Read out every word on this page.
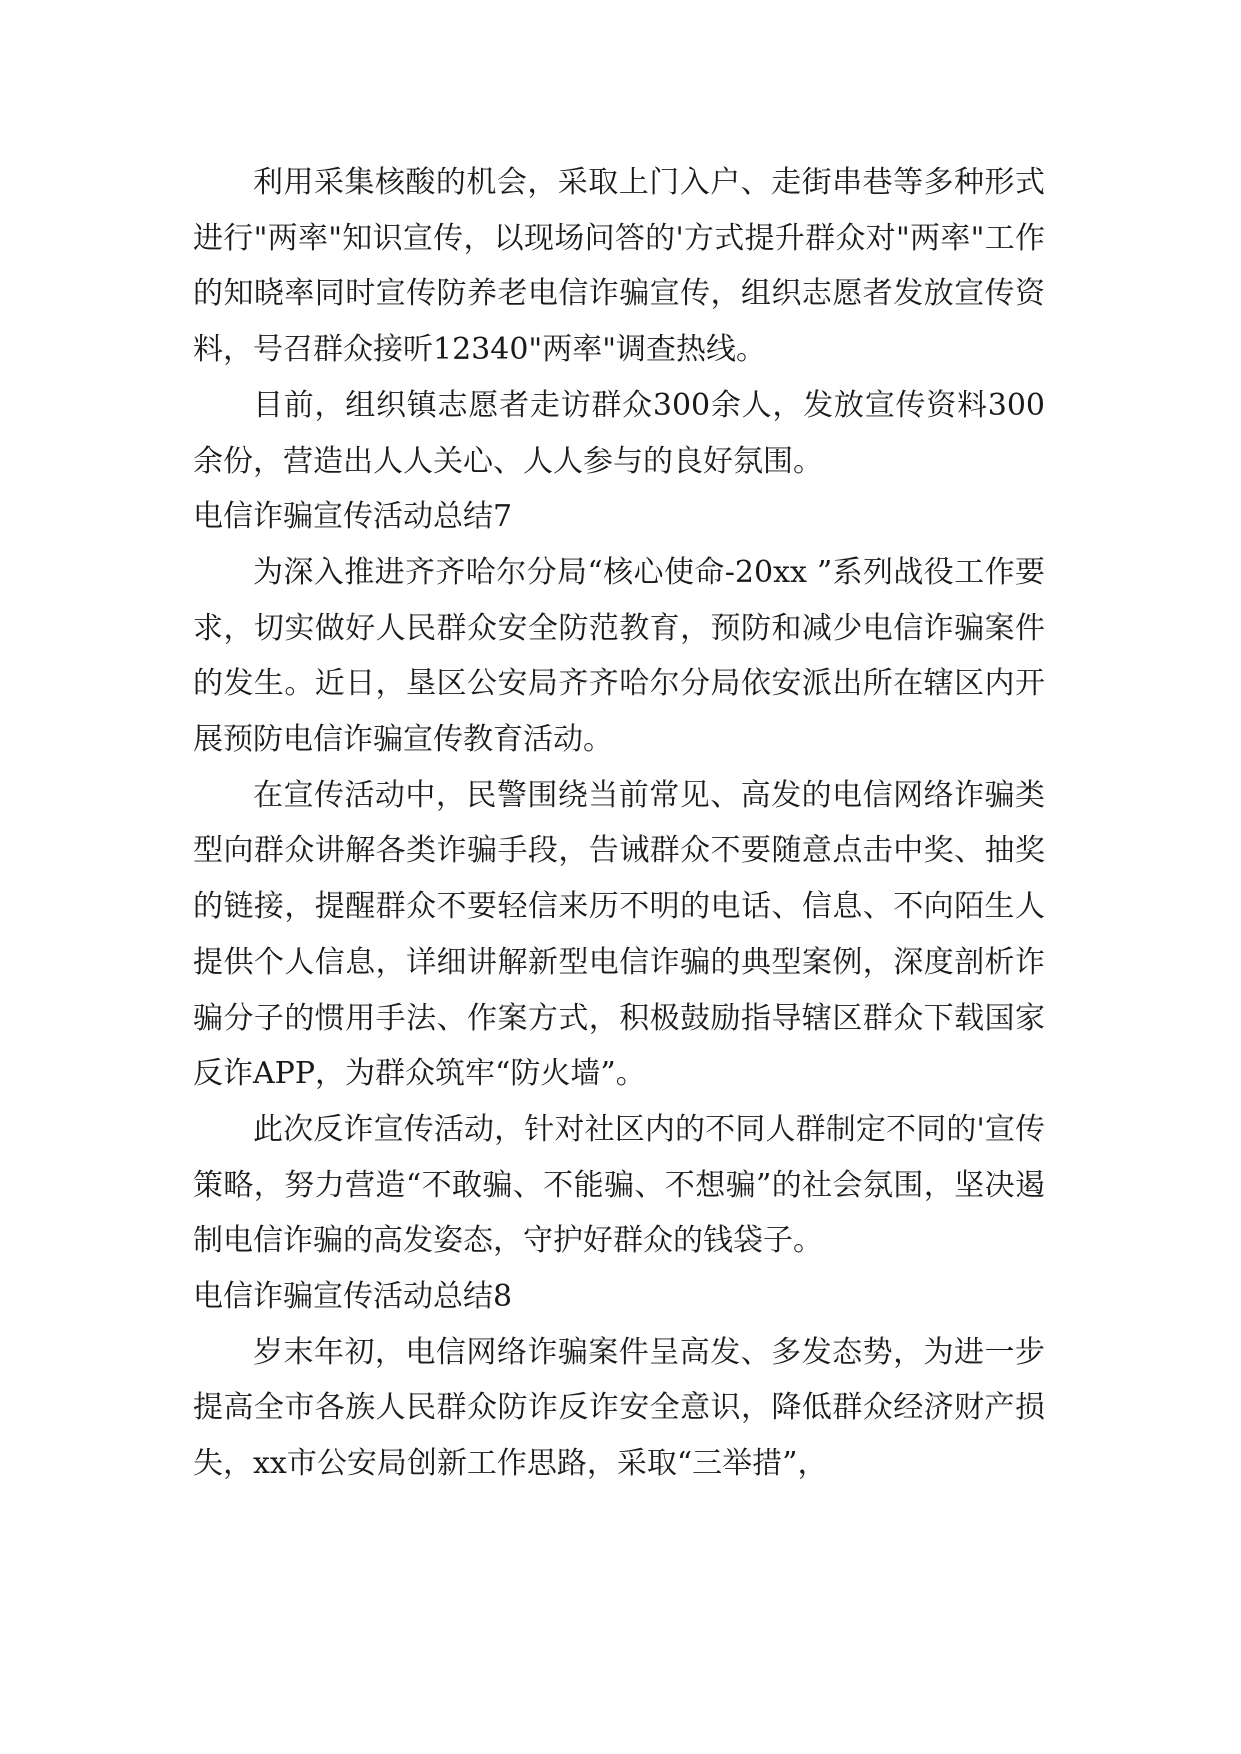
利用采集核酸的机会，采取上门入户、走街串巷等多种形式进行"两率"知识宣传，以现场问答的'方式提升群众对"两率"工作的知晓率同时宣传防养老电信诈骗宣传，组织志愿者发放宣传资料，号召群众接听12340"两率"调查热线。

目前，组织镇志愿者走访群众300余人，发放宣传资料300余份，营造出人人关心、人人参与的良好氛围。

电信诈骗宣传活动总结7

为深入推进齐齐哈尔分局“核心使命-20xx ”系列战役工作要求，切实做好人民群众安全防范教育，预防和减少电信诈骗案件的发生。近日，垦区公安局齐齐哈尔分局依安派出所在辖区内开展预防电信诈骗宣传教育活动。

在宣传活动中，民警围绕当前常见、高发的电信网络诈骗类型向群众讲解各类诈骗手段，告诫群众不要随意点击中奖、抽奖的链接，提醒群众不要轻信来历不明的电话、信息、不向陌生人提供个人信息，详细讲解新型电信诈骗的典型案例，深度剖析诈骗分子的惯用手法、作案方式，积极鼓励指导辖区群众下载国家反诈APP，为群众筑牢“防火墙”。

此次反诈宣传活动，针对社区内的不同人群制定不同的'宣传策略，努力营造“不敢骗、不能骗、不想骗”的社会氛围，坚决遏制电信诈骗的高发姿态，守护好群众的钱袋子。

电信诈骗宣传活动总结8

岁末年初，电信网络诈骗案件呈高发、多发态势，为进一步提高全市各族人民群众防诈反诈安全意识，降低群众经济财产损失，xx市公安局创新工作思路，采取“三举措”，
